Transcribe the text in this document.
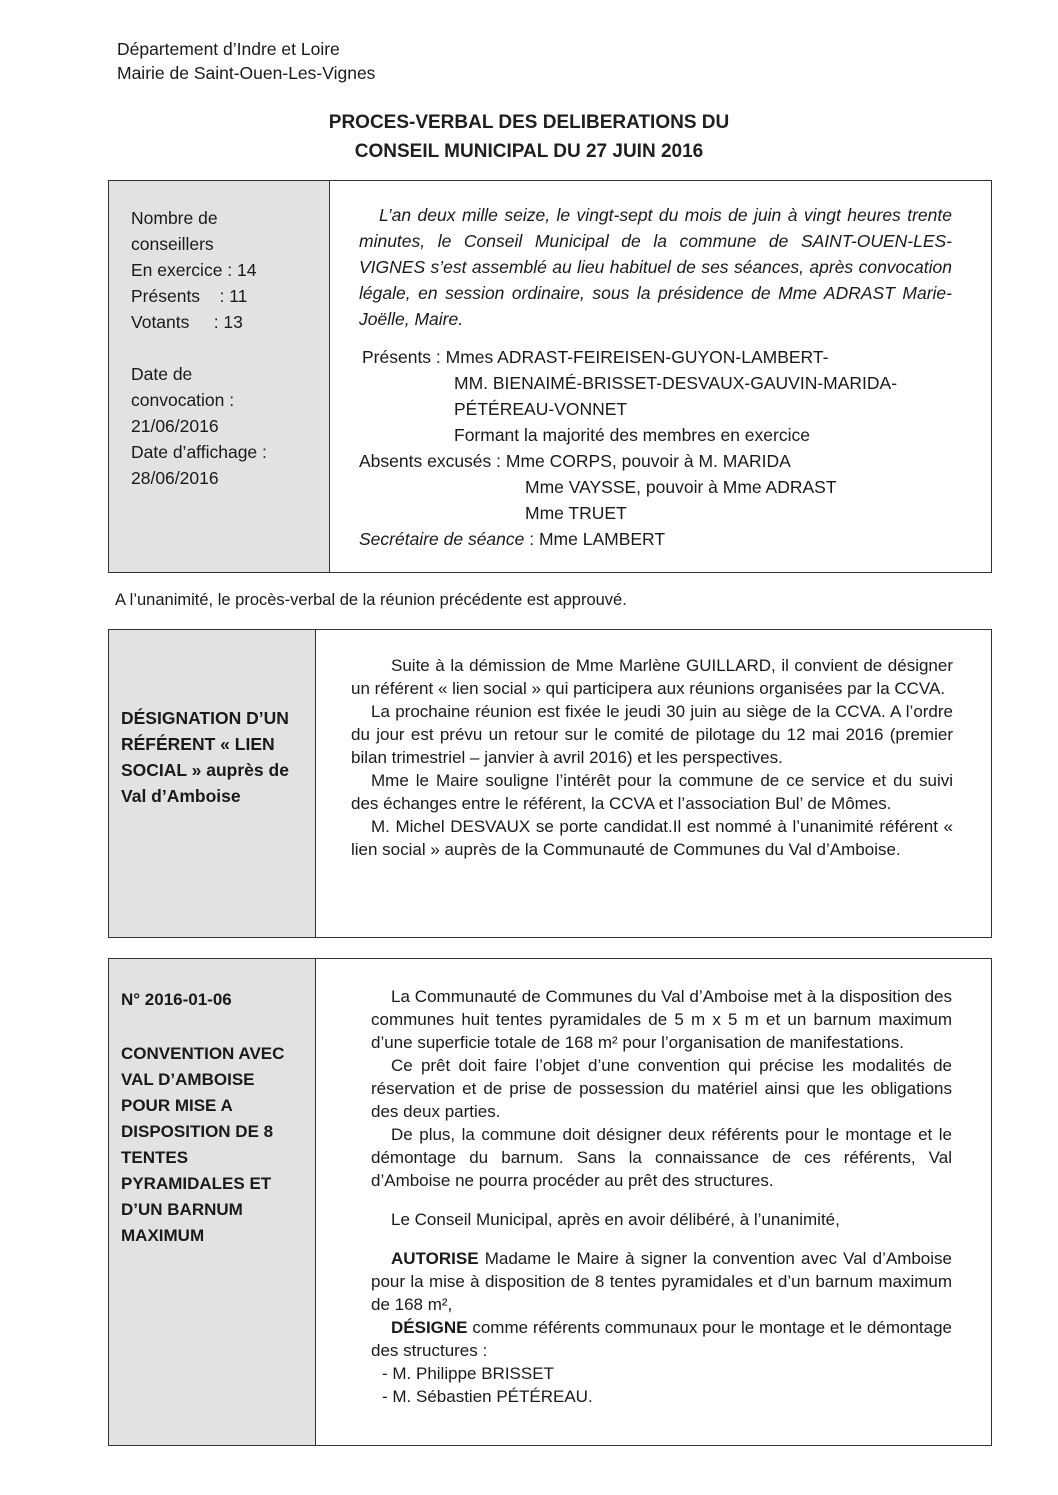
Département d’Indre et Loire
Mairie de Saint-Ouen-Les-Vignes
PROCES-VERBAL DES DELIBERATIONS DU
CONSEIL MUNICIPAL DU 27 JUIN 2016
Nombre de
conseillers
En exercice : 14
Présents    : 11
Votants     : 13
Date de
convocation :
21/06/2016
Date d’affichage :
28/06/2016
L’an deux mille seize, le vingt-sept du mois de juin à vingt heures trente minutes, le Conseil Municipal de la commune de SAINT-OUEN-LES-VIGNES s’est assemblé au lieu habituel de ses séances, après convocation légale, en session ordinaire, sous la présidence de Mme ADRAST Marie-Joëlle, Maire.
Présents : Mmes ADRAST-FEIREISEN-GUYON-LAMBERT-
MM. BIENAIMÉ-BRISSET-DESVAUX-GAUVIN-MARIDA-
PÉTÉREAU-VONNET
Formant la majorité des membres en exercice
Absents excusés : Mme CORPS, pouvoir à M. MARIDA
Mme VAYSSE, pouvoir à Mme ADRAST
Mme TRUET
Secrétaire de séance : Mme LAMBERT
A l’unanimité, le procès-verbal de la réunion précédente est approuvé.
DÉSIGNATION D’UN
RÉFÉRENT « LIEN
SOCIAL » auprès de
Val d’Amboise

Suite à la démission de Mme Marlène GUILLARD, il convient de désigner un référent « lien social » qui participera aux réunions organisées par la CCVA.

La prochaine réunion est fixée le jeudi 30 juin au siège de la CCVA. A l’ordre du jour est prévu un retour sur le comité de pilotage du 12 mai 2016 (premier bilan trimestriel – janvier à avril 2016) et les perspectives.

Mme le Maire souligne l’intérêt pour la commune de ce service et du suivi des échanges entre le référent, la CCVA et l’association Bul’ de Mômes.

M. Michel DESVAUX se porte candidat.Il est nommé à l’unanimité référent « lien social » auprès de la Communauté de Communes du Val d’Amboise.

N° 2016-01-06
CONVENTION AVEC
VAL D’AMBOISE
POUR MISE A
DISPOSITION DE 8
TENTES
PYRAMIDALES ET
D’UN BARNUM
MAXIMUM

La Communauté de Communes du Val d’Amboise met à la disposition des communes huit tentes pyramidales de 5 m x 5 m et un barnum maximum d’une superficie totale de 168 m² pour l’organisation de manifestations.

Ce prêt doit faire l’objet d’une convention qui précise les modalités de réservation et de prise de possession du matériel ainsi que les obligations des deux parties.

De plus, la commune doit désigner deux référents pour le montage et le démontage du barnum. Sans la connaissance de ces référents, Val d’Amboise ne pourra procéder au prêt des structures.

Le Conseil Municipal, après en avoir délibéré, à l’unanimité,

AUTORISE Madame le Maire à signer la convention avec Val d’Amboise pour la mise à disposition de 8 tentes pyramidales et d’un barnum maximum de 168 m²,

DÉSIGNE comme référents communaux pour le montage et le démontage des structures :

- M. Philippe BRISSET

- M. Sébastien PÉTÉREAU.
